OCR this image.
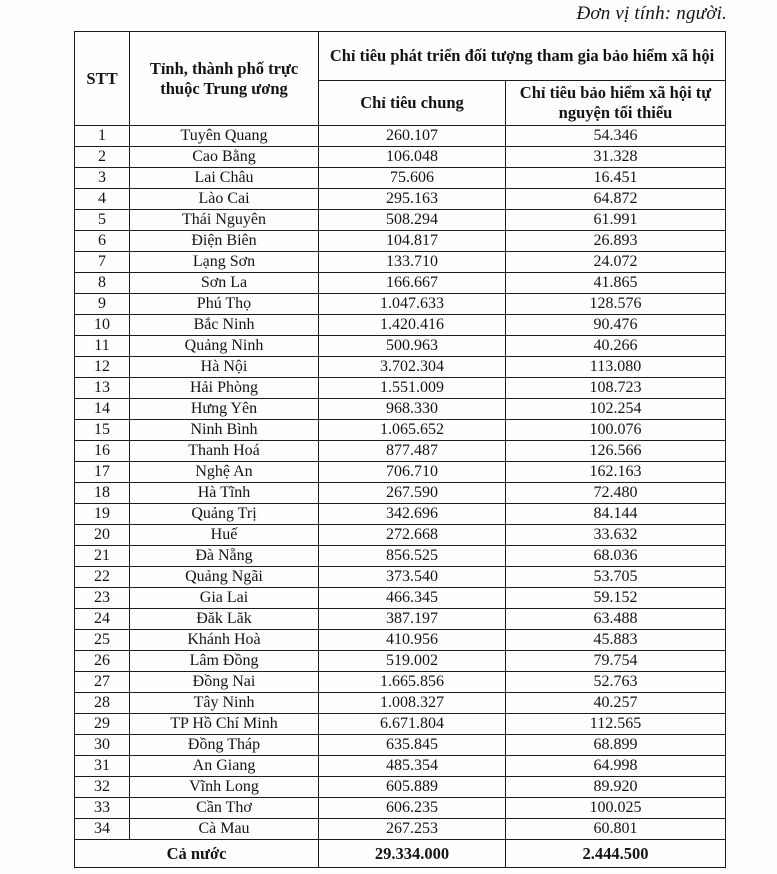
Đơn vị tính: người.
STT	Tỉnh, thành phố trực thuộc Trung ương	Chỉ tiêu phát triển đối tượng tham gia bảo hiểm xã hội	
		Chỉ tiêu chung	Chỉ tiêu bảo hiểm xã hội tự nguyện tối thiểu
1	Tuyên Quang	260.107	54.346
2	Cao Bằng	106.048	31.328
3	Lai Châu	75.606	16.451
4	Lào Cai	295.163	64.872
5	Thái Nguyên	508.294	61.991
6	Điện Biên	104.817	26.893
7	Lạng Sơn	133.710	24.072
8	Sơn La	166.667	41.865
9	Phú Thọ	1.047.633	128.576
10	Bắc Ninh	1.420.416	90.476
11	Quảng Ninh	500.963	40.266
12	Hà Nội	3.702.304	113.080
13	Hải Phòng	1.551.009	108.723
14	Hưng Yên	968.330	102.254
15	Ninh Bình	1.065.652	100.076
16	Thanh Hoá	877.487	126.566
17	Nghệ An	706.710	162.163
18	Hà Tĩnh	267.590	72.480
19	Quảng Trị	342.696	84.144
20	Huế	272.668	33.632
21	Đà Nẵng	856.525	68.036
22	Quảng Ngãi	373.540	53.705
23	Gia Lai	466.345	59.152
24	Đăk Lăk	387.197	63.488
25	Khánh Hoà	410.956	45.883
26	Lâm Đồng	519.002	79.754
27	Đồng Nai	1.665.856	52.763
28	Tây Ninh	1.008.327	40.257
29	TP Hồ Chí Minh	6.671.804	112.565
30	Đồng Tháp	635.845	68.899
31	An Giang	485.354	64.998
32	Vĩnh Long	605.889	89.920
33	Cần Thơ	606.235	100.025
34	Cà Mau	267.253	60.801
Cả nước		29.334.000	2.444.500
